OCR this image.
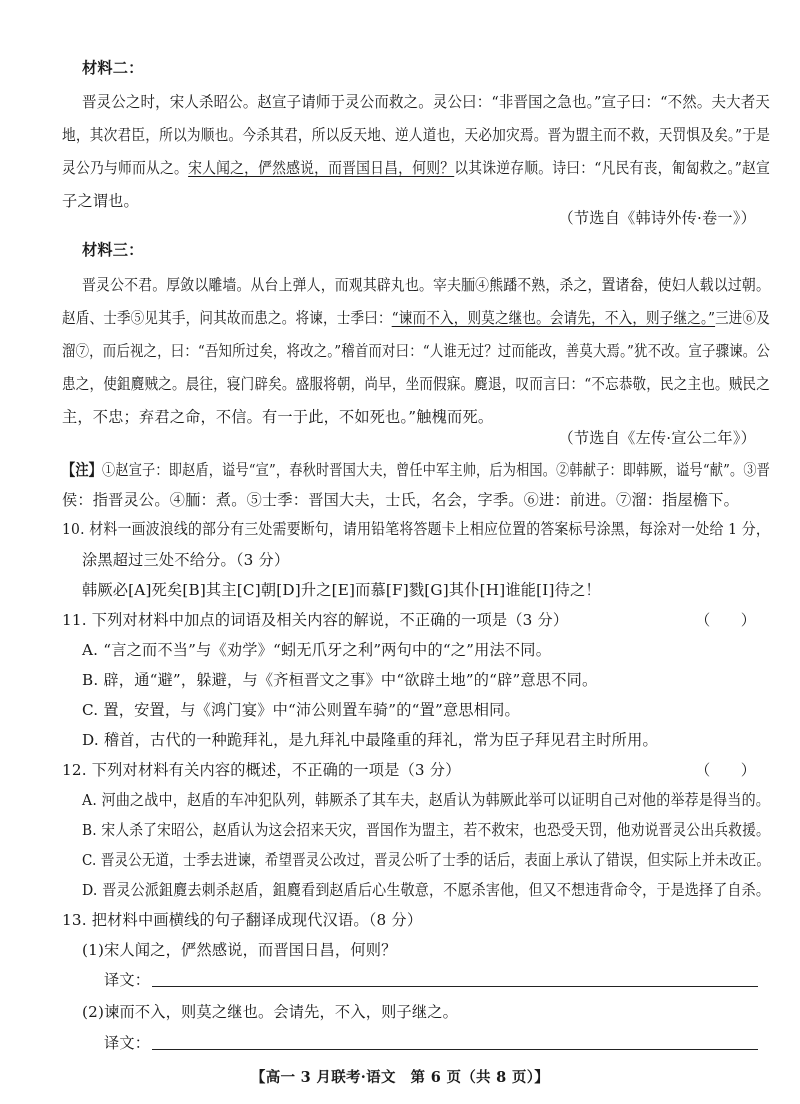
材料二：
晋灵公之时，宋人杀昭公。赵宣子请师于灵公而救之。灵公曰：“非晋国之急也。”宣子曰：“不然。夫大者天
地，其次君臣，所以为顺也。今杀其君，所以反天地、逆人道也，天必加灾焉。晋为盟主而不救，天罚惧及矣。”于是
灵公乃与师而从之。宋人闻之，俨然感说，而晋国日昌，何则？以其诛逆存顺。诗曰：“凡民有丧，匍匐救之。”赵宣
子之谓也。
（节选自《韩诗外传·卷一》）
材料三：
晋灵公不君。厚敛以雕墙。从台上弹人，而观其辟丸也。宰夫胹④熊蹯不熟，杀之，置诸畚，使妇人载以过朝。
赵盾、士季⑤见其手，问其故而患之。将谏，士季曰：“谏而不入，则莫之继也。会请先，不入，则子继之。”三进⑥及
溜⑦，而后视之，曰：“吾知所过矣，将改之。”稽首而对曰：“人谁无过？过而能改，善莫大焉。”犹不改。宣子骤谏。公
患之，使鉏麑贼之。晨往，寝门辟矣。盛服将朝，尚早，坐而假寐。麑退，叹而言曰：“不忘恭敬，民之主也。贼民之
主，不忠；弃君之命，不信。有一于此，不如死也。”触槐而死。
（节选自《左传·宣公二年》）
【注】①赵宣子：即赵盾，谥号“宣”，春秋时晋国大夫，曾任中军主帅，后为相国。②韩献子：即韩厥，谥号“献”。③晋
侯：指晋灵公。④胹：煮。⑤士季：晋国大夫，士氏，名会，字季。⑥进：前进。⑦溜：指屋檐下。
10. 材料一画波浪线的部分有三处需要断句，请用铅笔将答题卡上相应位置的答案标号涂黑，每涂对一处给 1 分，
涂黑超过三处不给分。（3 分）
韩厥必[A]死矣[B]其主[C]朝[D]升之[E]而慕[F]戮[G]其仆[H]谁能[I]待之！
11. 下列对材料中加点的词语及相关内容的解说，不正确的一项是（3 分）	（　　）
A. “言之而不当”与《劝学》“蚓无爪牙之利”两句中的“之”用法不同。
B. 辟，通“避”，躲避，与《齐桓晋文之事》中“欲辟土地”的“辟”意思不同。
C. 置，安置，与《鸿门宴》中“沛公则置车骑”的“置”意思相同。
D. 稽首，古代的一种跪拜礼，是九拜礼中最隆重的拜礼，常为臣子拜见君主时所用。
12. 下列对材料有关内容的概述，不正确的一项是（3 分）	（　　）
A. 河曲之战中，赵盾的车冲犯队列，韩厥杀了其车夫，赵盾认为韩厥此举可以证明自己对他的举荐是得当的。
B. 宋人杀了宋昭公，赵盾认为这会招来天灾，晋国作为盟主，若不救宋，也恐受天罚，他劝说晋灵公出兵救援。
C. 晋灵公无道，士季去进谏，希望晋灵公改过，晋灵公听了士季的话后，表面上承认了错误，但实际上并未改正。
D. 晋灵公派鉏麑去刺杀赵盾，鉏麑看到赵盾后心生敬意，不愿杀害他，但又不想违背命令，于是选择了自杀。
13. 把材料中画横线的句子翻译成现代汉语。（8 分）
(1)宋人闻之，俨然感说，而晋国日昌，何则？
译文：
(2)谏而不入，则莫之继也。会请先，不入，则子继之。
译文：
【高一 3 月联考·语文　第 6 页（共 8 页）】
